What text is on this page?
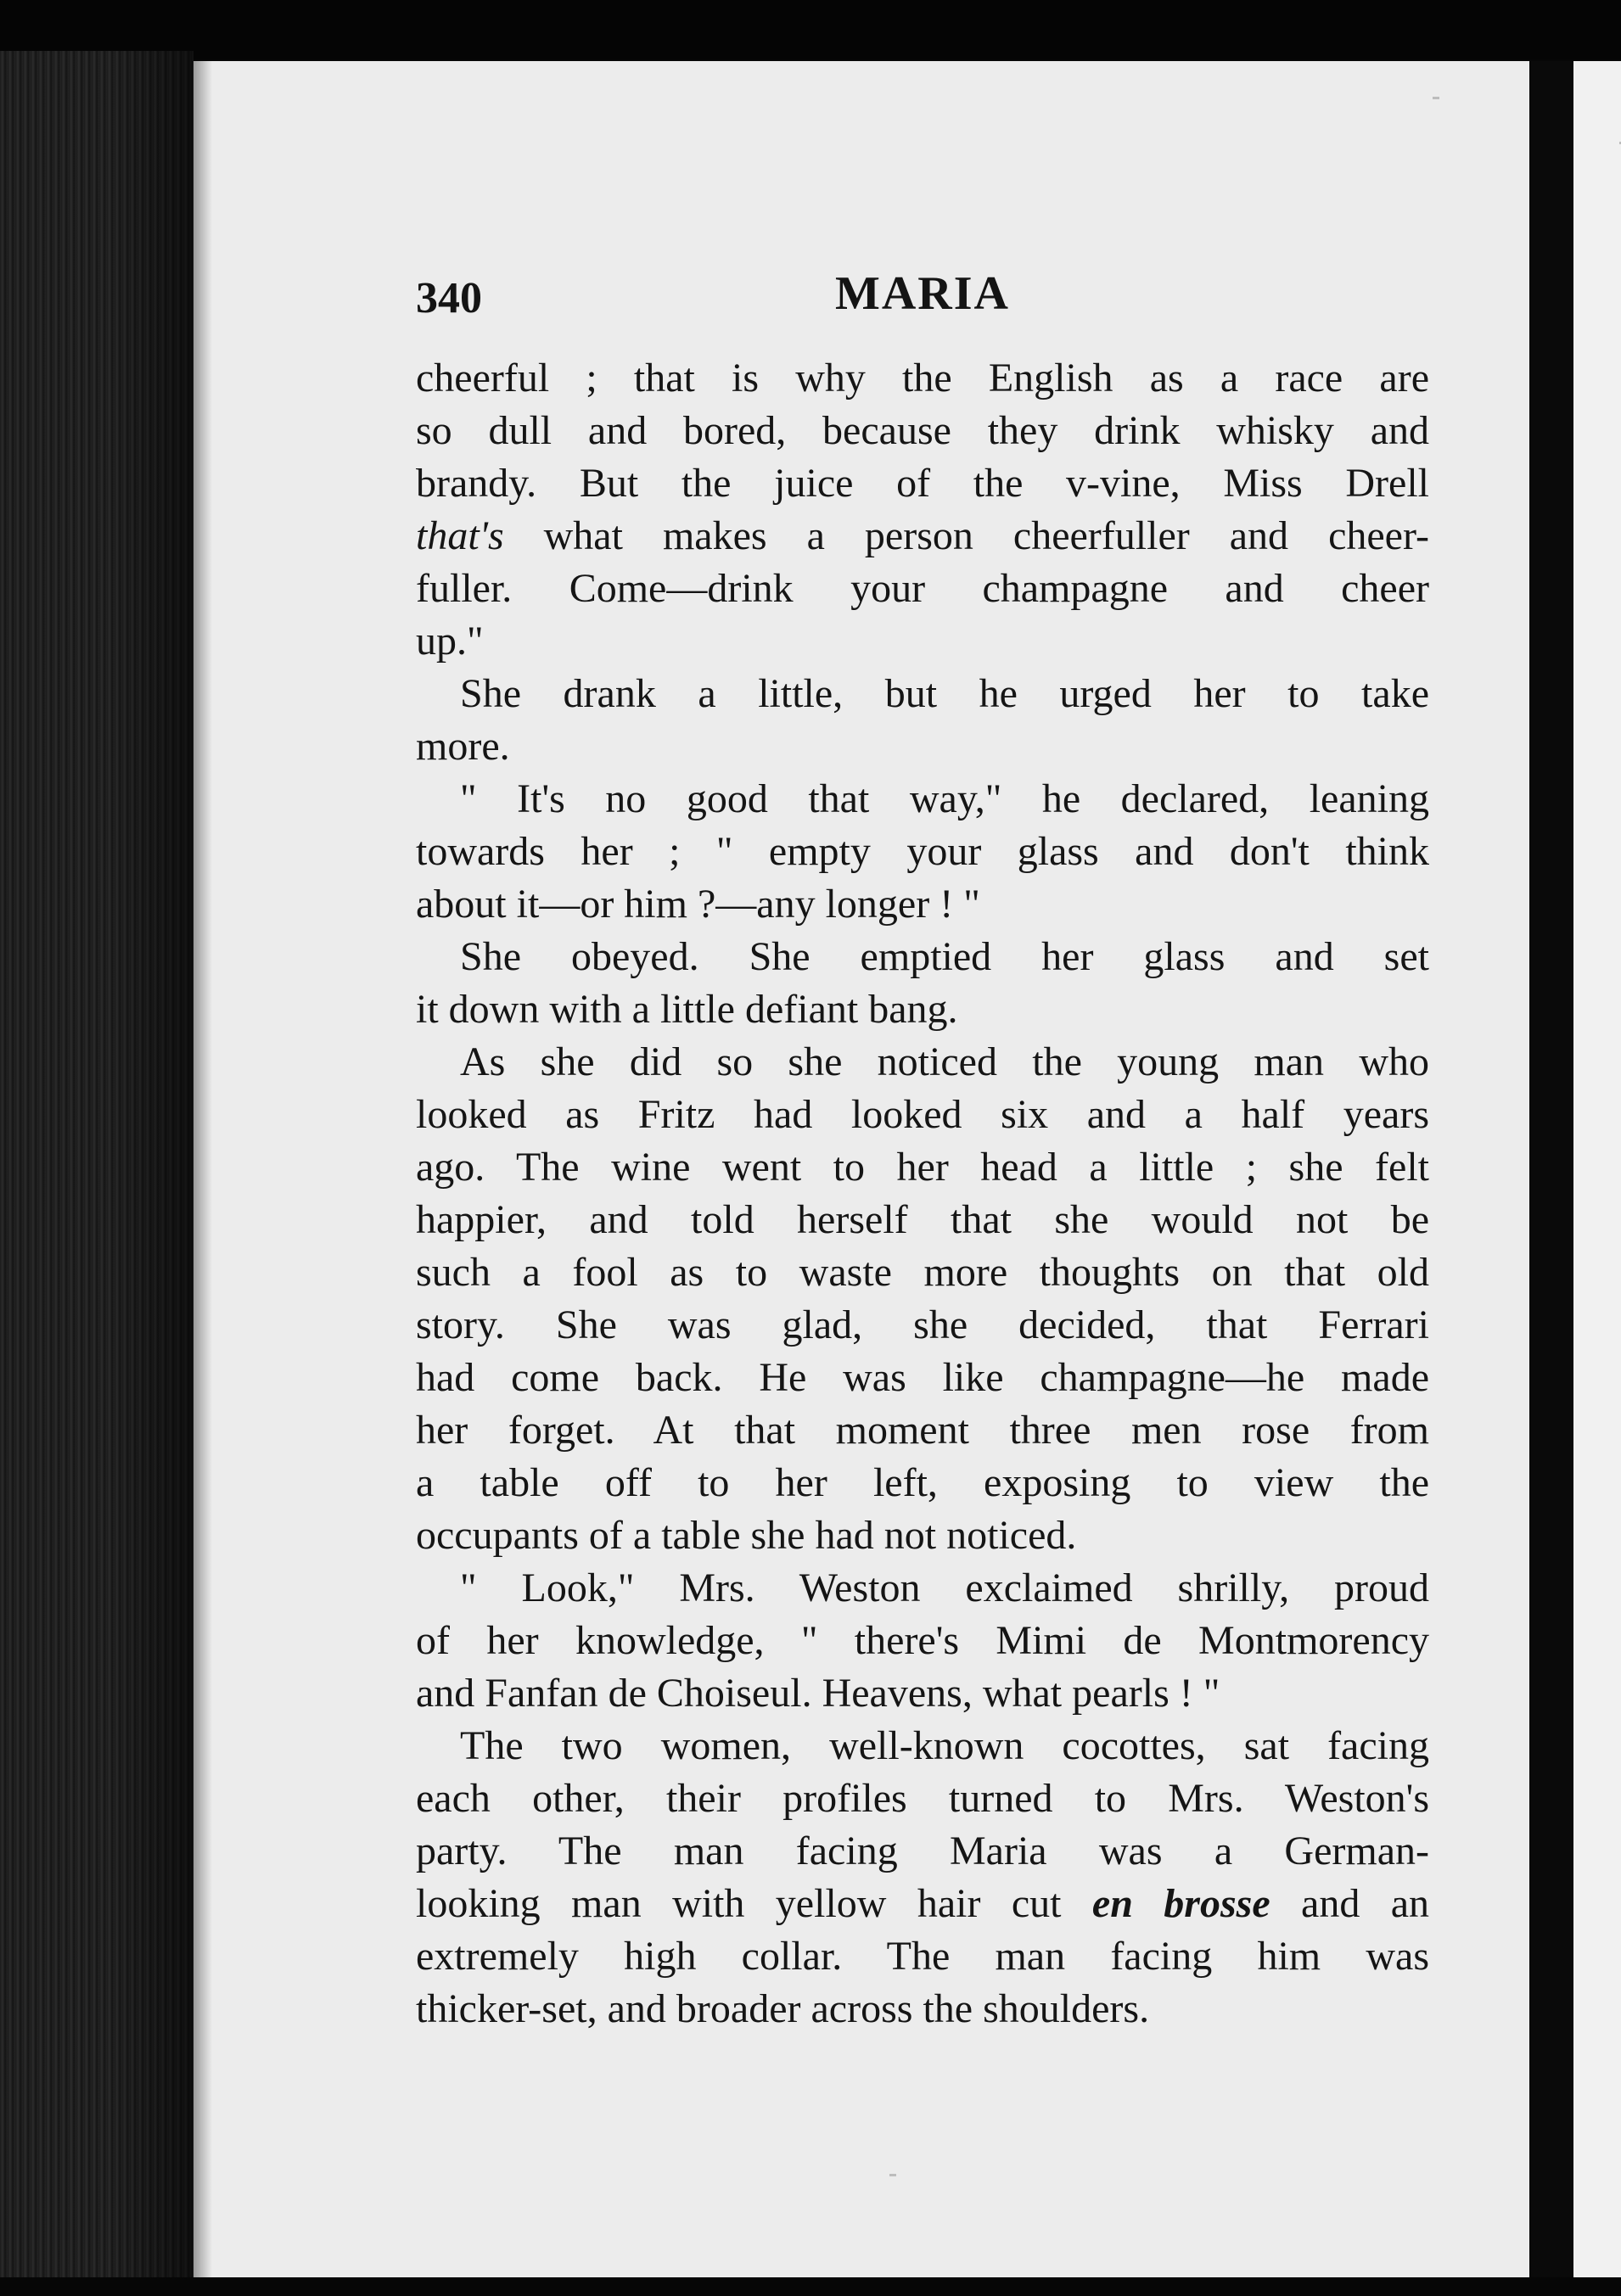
340	MARIA
cheerful ; that is why the English as a race are
so dull and bored, because they drink whisky and
brandy. But the juice of the v-vine, Miss Drell
that's what makes a person cheerfuller and cheer-
fuller. Come—drink your champagne and cheer
up."
She drank a little, but he urged her to take
more.
" It's no good that way," he declared, leaning
towards her ; " empty your glass and don't think
about it—or him ?—any longer ! "
She obeyed. She emptied her glass and set
it down with a little defiant bang.
As she did so she noticed the young man who
looked as Fritz had looked six and a half years
ago. The wine went to her head a little ; she felt
happier, and told herself that she would not be
such a fool as to waste more thoughts on that old
story. She was glad, she decided, that Ferrari
had come back. He was like champagne—he made
her forget. At that moment three men rose from
a table off to her left, exposing to view the
occupants of a table she had not noticed.
" Look," Mrs. Weston exclaimed shrilly, proud
of her knowledge, " there's Mimi de Montmorency
and Fanfan de Choiseul. Heavens, what pearls ! "
The two women, well-known cocottes, sat facing
each other, their profiles turned to Mrs. Weston's
party. The man facing Maria was a German-
looking man with yellow hair cut en brosse and an
extremely high collar. The man facing him was
thicker-set, and broader across the shoulders.
